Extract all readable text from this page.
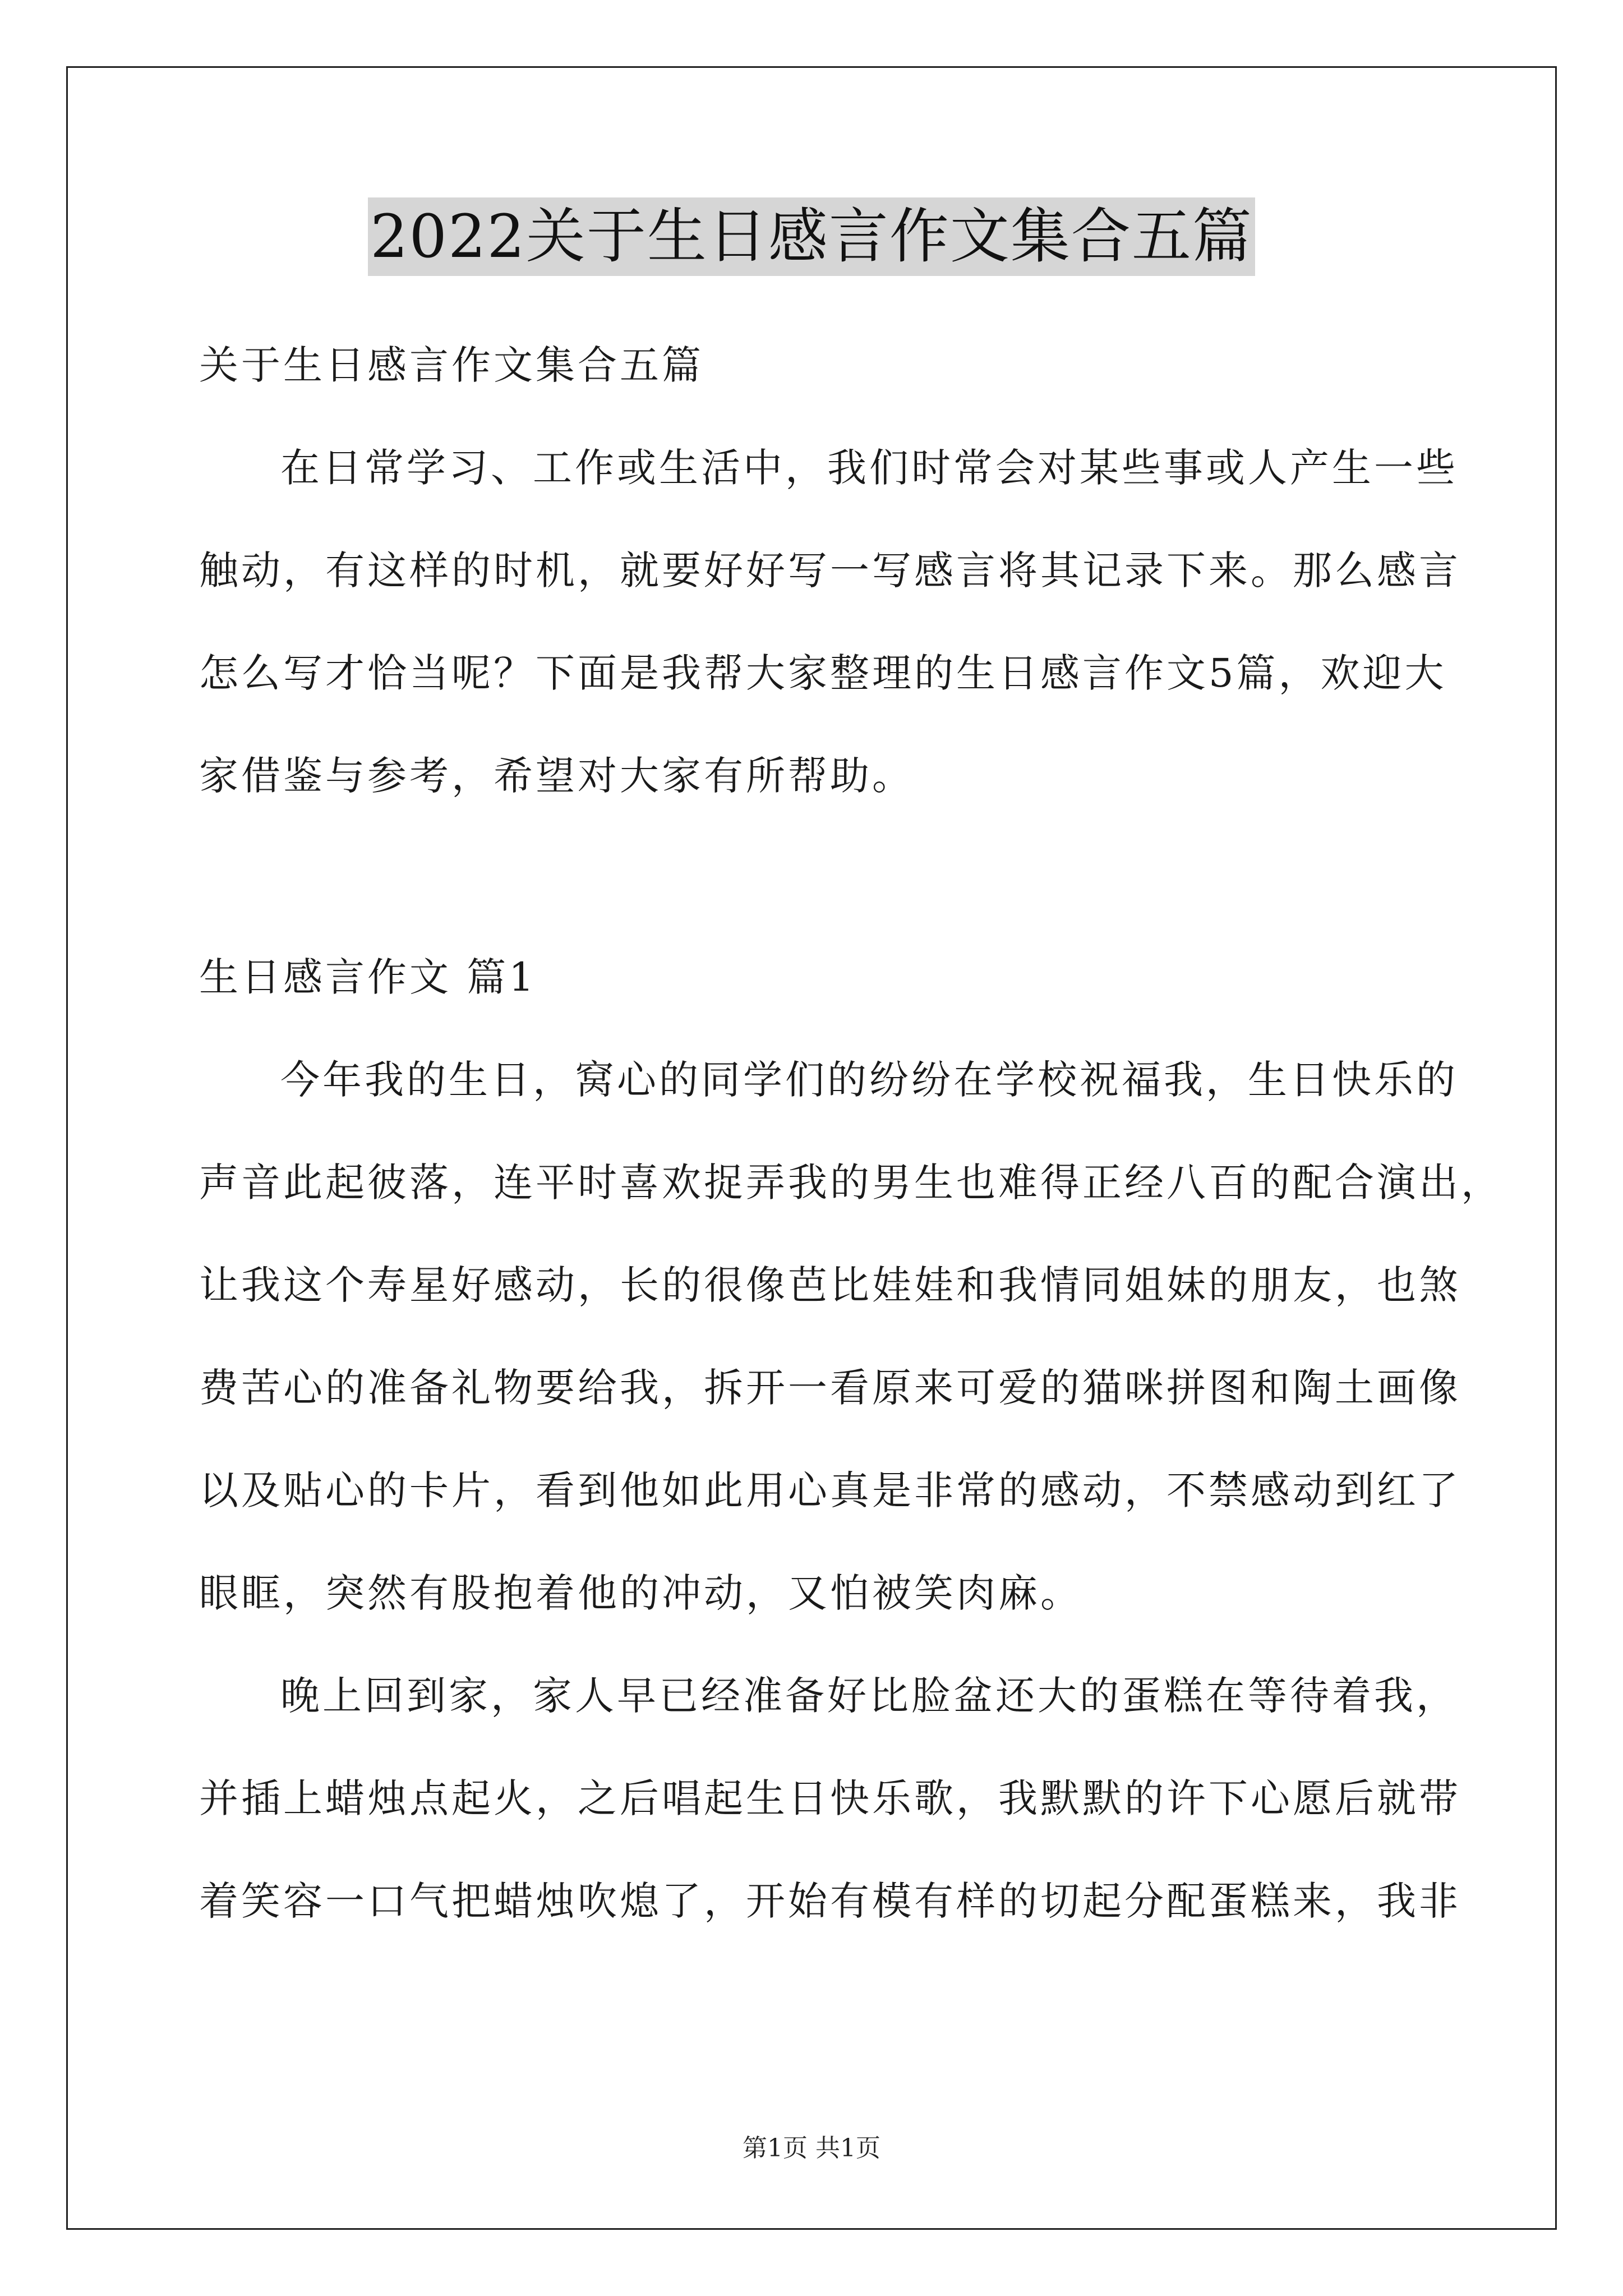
2022关于生日感言作文集合五篇
关于生日感言作文集合五篇
在日常学习、工作或生活中，我们时常会对某些事或人产生一些
触动，有这样的时机，就要好好写一写感言将其记录下来。那么感言
怎么写才恰当呢？下面是我帮大家整理的生日感言作文5篇，欢迎大
家借鉴与参考，希望对大家有所帮助。
生日感言作文 篇1
今年我的生日，窝心的同学们的纷纷在学校祝福我，生日快乐的
声音此起彼落，连平时喜欢捉弄我的男生也难得正经八百的配合演出，
让我这个寿星好感动，长的很像芭比娃娃和我情同姐妹的朋友，也煞
费苦心的准备礼物要给我，拆开一看原来可爱的猫咪拼图和陶土画像
以及贴心的卡片，看到他如此用心真是非常的感动，不禁感动到红了
眼眶，突然有股抱着他的冲动，又怕被笑肉麻。
晚上回到家，家人早已经准备好比脸盆还大的蛋糕在等待着我，
并插上蜡烛点起火，之后唱起生日快乐歌，我默默的许下心愿后就带
着笑容一口气把蜡烛吹熄了，开始有模有样的切起分配蛋糕来，我非
第1页 共1页
